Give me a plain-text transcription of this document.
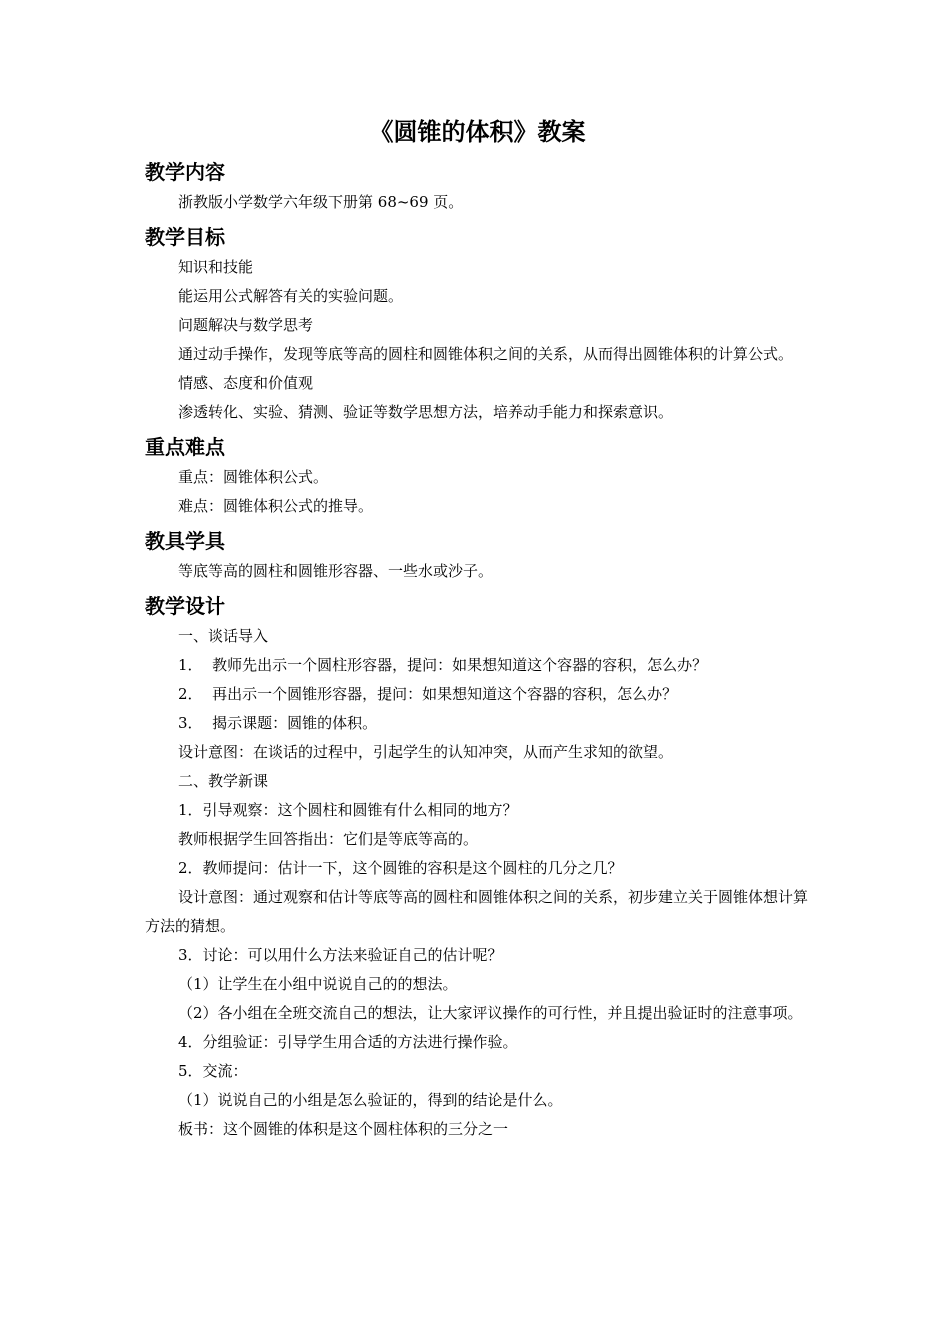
《圆锥的体积》教案
教学内容

浙教版小学数学六年级下册第 68~69 页。

教学目标

知识和技能

能运用公式解答有关的实验问题。

问题解决与数学思考

通过动手操作，发现等底等高的圆柱和圆锥体积之间的关系，从而得出圆锥体积的计算公式。

情感、态度和价值观

渗透转化、实验、猜测、验证等数学思想方法，培养动手能力和探索意识。

重点难点

重点：圆锥体积公式。

难点：圆锥体积公式的推导。

教具学具

等底等高的圆柱和圆锥形容器、一些水或沙子。

教学设计

一、谈话导入

1．  教师先出示一个圆柱形容器，提问：如果想知道这个容器的容积，怎么办？

2．  再出示一个圆锥形容器，提问：如果想知道这个容器的容积，怎么办？

3．  揭示课题：圆锥的体积。

设计意图：在谈话的过程中，引起学生的认知冲突，从而产生求知的欲望。

二、教学新课

1．引导观察：这个圆柱和圆锥有什么相同的地方？

教师根据学生回答指出：它们是等底等高的。

2．教师提问：估计一下，这个圆锥的容积是这个圆柱的几分之几？

设计意图：通过观察和估计等底等高的圆柱和圆锥体积之间的关系，初步建立关于圆锥体想计算方法的猜想。

3．讨论：可以用什么方法来验证自己的估计呢？

（1）让学生在小组中说说自己的的想法。

（2）各小组在全班交流自己的想法，让大家评议操作的可行性，并且提出验证时的注意事项。

4．分组验证：引导学生用合适的方法进行操作验。

5．交流：

（1）说说自己的小组是怎么验证的，得到的结论是什么。

板书：这个圆锥的体积是这个圆柱体积的三分之一
